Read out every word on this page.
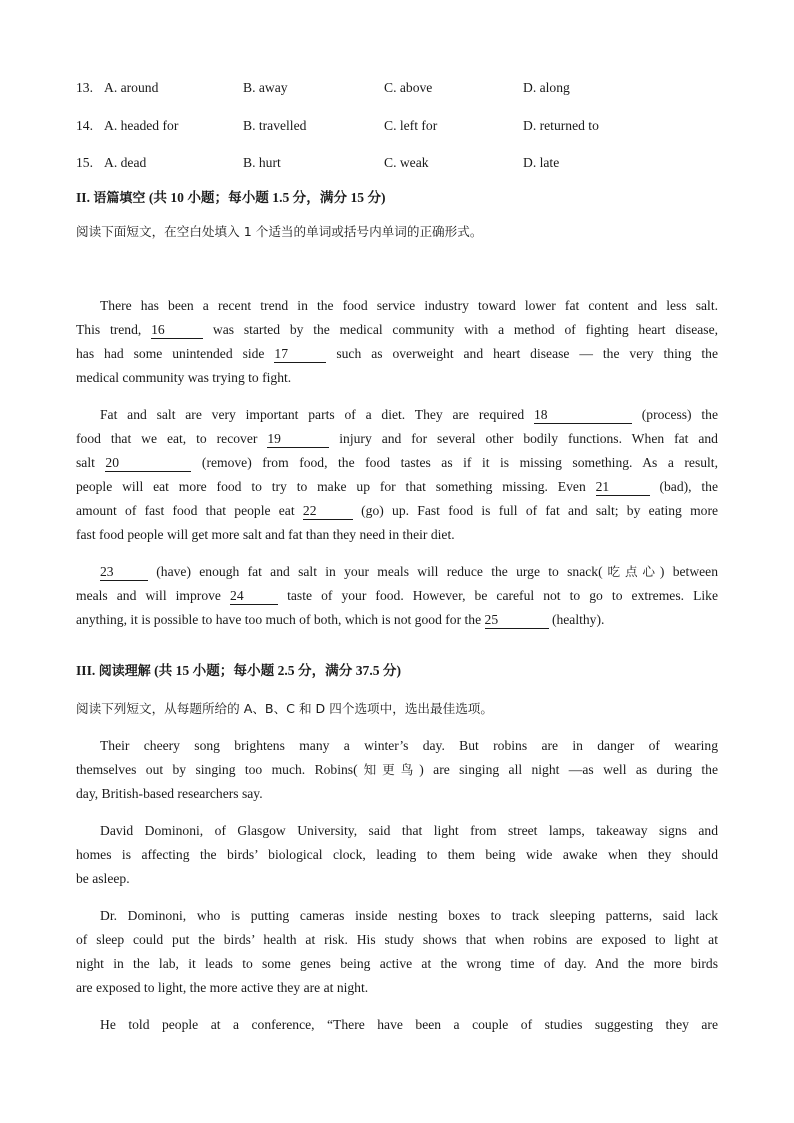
13. A. around	B. away	C. above	D. along
14. A. headed for	B. travelled	C. left for	D. returned to
15. A. dead	B. hurt	C. weak	D. late
II. 语篇填空 (共 10 小题；每小题 1.5 分，满分 15 分)
阅读下面短文，在空白处填入 1 个适当的单词或括号内单词的正确形式。
There has been a recent trend in the food service industry toward lower fat content and less salt.
This trend, 16	was started by the medical community with a method of fighting heart disease,
has had some unintended side 17	such as overweight and heart disease — the very thing the
medical community was trying to fight.
Fat and salt are very important parts of a diet. They are required 18	(process) the
food that we eat, to recover 19	injury and for several other bodily functions. When fat and
salt 20	(remove) from food, the food tastes as if it is missing something. As a result,
people will eat more food to try to make up for that something missing. Even 21	(bad), the
amount of fast food that people eat 22	(go) up. Fast food is full of fat and salt; by eating more
fast food people will get more salt and fat than they need in their diet.
23	(have) enough fat and salt in your meals will reduce the urge to snack(吃点心) between
meals and will improve 24	taste of your food. However, be careful not to go to extremes. Like
anything, it is possible to have too much of both, which is not good for the 25	(healthy).
III. 阅读理解 (共 15 小题；每小题 2.5 分，满分 37.5 分)
阅读下列短文，从每题所给的 A、B、C 和 D 四个选项中，选出最佳选项。
Their cheery song brightens many a winter’s day. But robins are in danger of wearing
themselves out by singing too much. Robins(知更鸟) are singing all night —as well as during the
day, British-based researchers say.
David Dominoni, of Glasgow University, said that light from street lamps, takeaway signs and
homes is affecting the birds’ biological clock, leading to them being wide awake when they should
be asleep.
Dr. Dominoni, who is putting cameras inside nesting boxes to track sleeping patterns, said lack
of sleep could put the birds’ health at risk. His study shows that when robins are exposed to light at
night in the lab, it leads to some genes being active at the wrong time of day. And the more birds
are exposed to light, the more active they are at night.
He told people at a conference, “There have been a couple of studies suggesting they are
